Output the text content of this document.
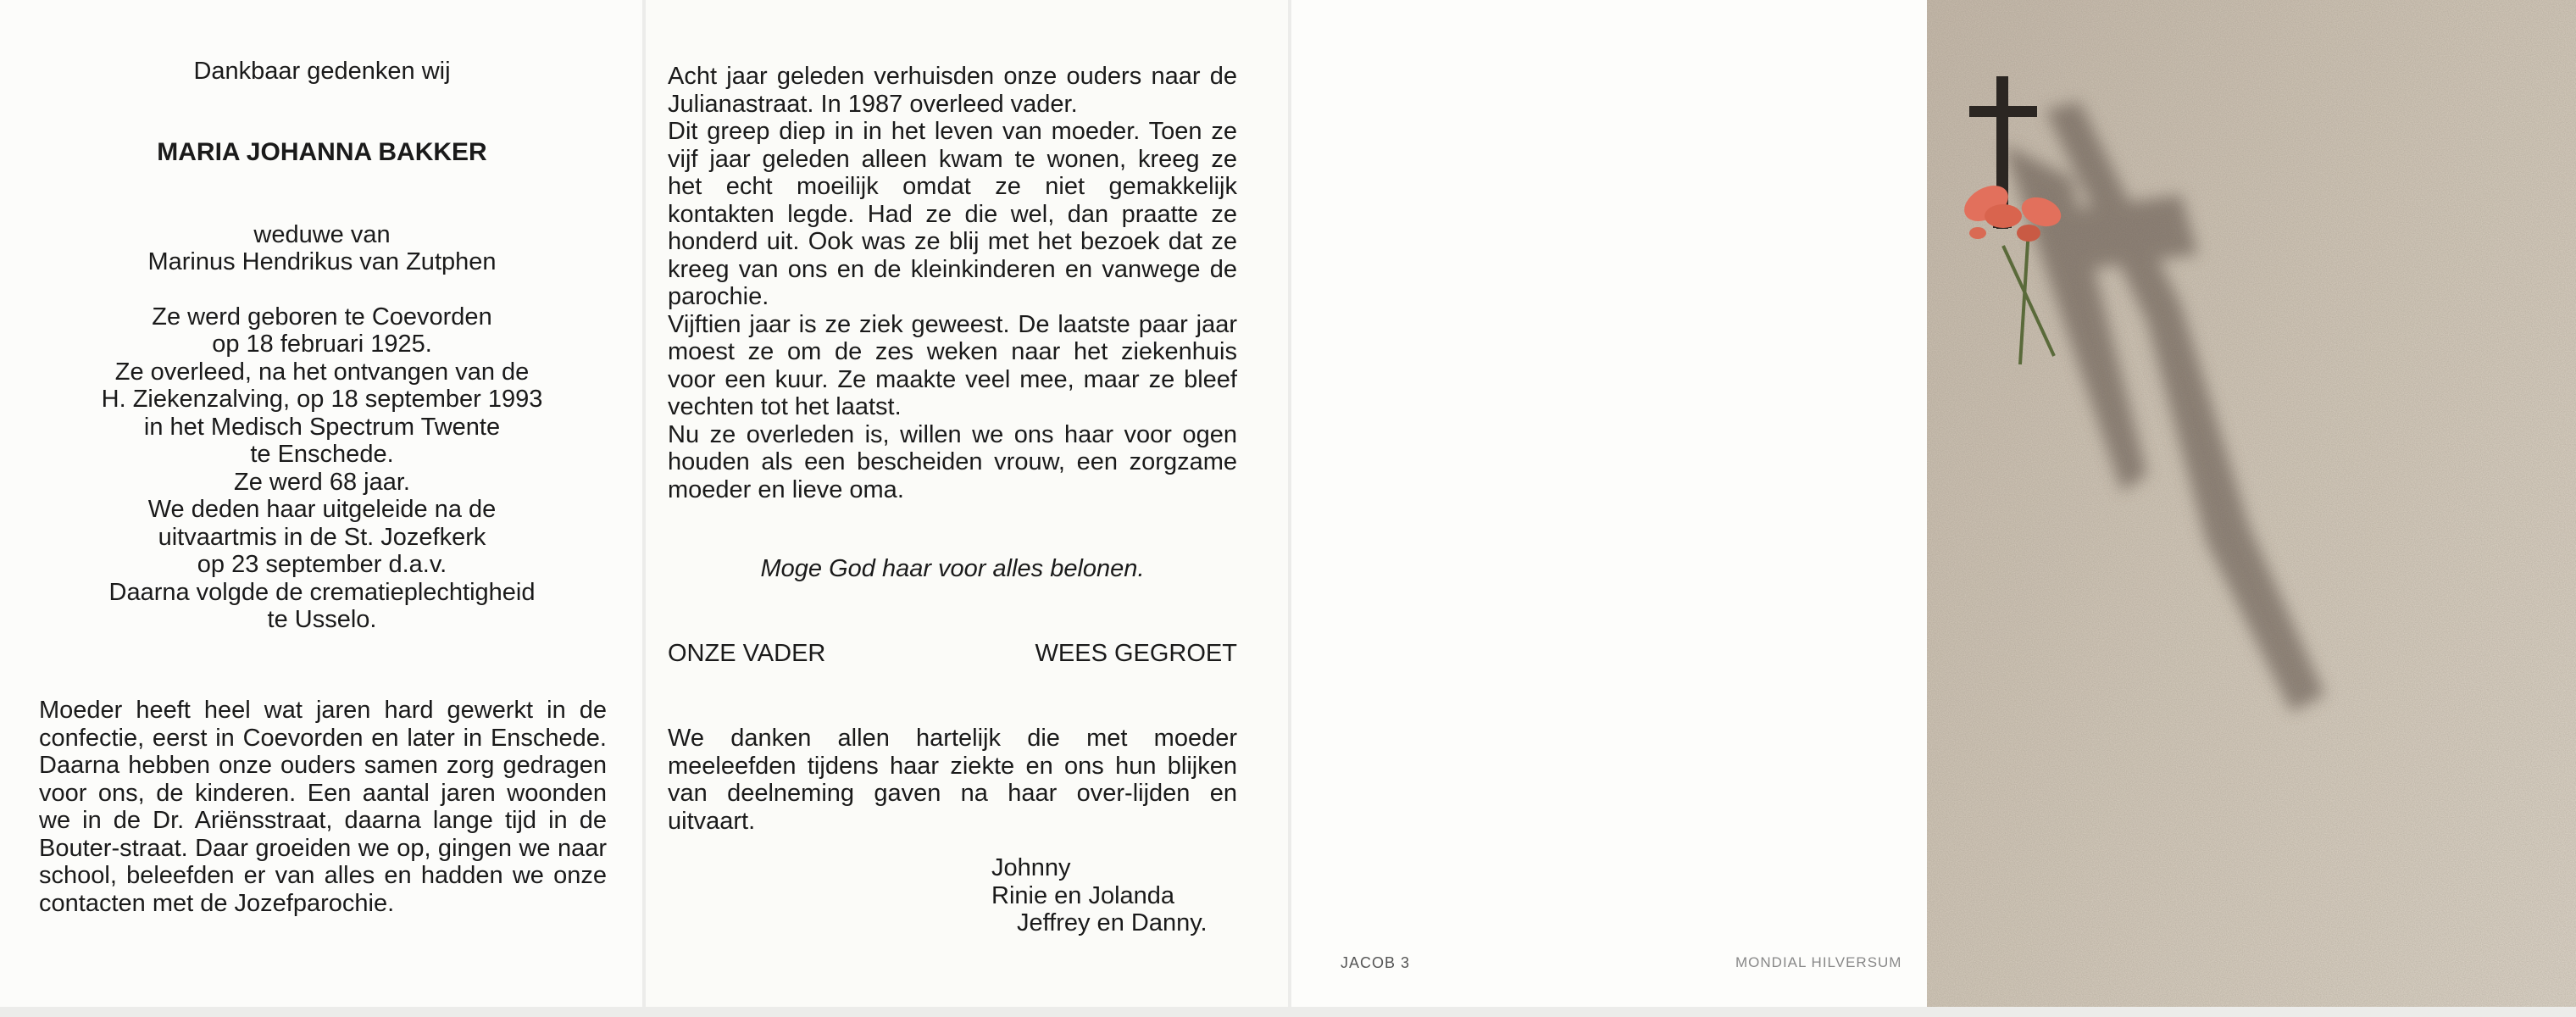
Dankbaar gedenken wij
MARIA JOHANNA BAKKER
weduwe van
Marinus Hendrikus van Zutphen
Ze werd geboren te Coevorden
op 18 februari 1925.
Ze overleed, na het ontvangen van de
H. Ziekenzalving, op 18 september 1993
in het Medisch Spectrum Twente
te Enschede.
Ze werd 68 jaar.
We deden haar uitgeleide na de
uitvaartmis in de St. Jozefkerk
op 23 september d.a.v.
Daarna volgde de crematieplechtigheid
te Usselo.

Moeder heeft heel wat jaren hard gewerkt in de confectie, eerst in Coevorden en later in Enschede. Daarna hebben onze ouders samen zorg gedragen voor ons, de kinderen. Een aantal jaren woonden we in de Dr. Ariënsstraat, daarna lange tijd in de Bouter-straat. Daar groeiden we op, gingen we naar school, beleefden er van alles en hadden we onze contacten met de Jozefparochie.

Acht jaar geleden verhuisden onze ouders naar de Julianastraat. In 1987 overleed vader.

Dit greep diep in in het leven van moeder. Toen ze vijf jaar geleden alleen kwam te wonen, kreeg ze het echt moeilijk omdat ze niet gemakkelijk kontakten legde. Had ze die wel, dan praatte ze honderd uit. Ook was ze blij met het bezoek dat ze kreeg van ons en de kleinkinderen en vanwege de parochie.

Vijftien jaar is ze ziek geweest. De laatste paar jaar moest ze om de zes weken naar het ziekenhuis voor een kuur. Ze maakte veel mee, maar ze bleef vechten tot het laatst.

Nu ze overleden is, willen we ons haar voor ogen houden als een bescheiden vrouw, een zorgzame moeder en lieve oma.

Moge God haar voor alles belonen.
ONZE VADER	WEES GEGROET

We danken allen hartelijk die met moeder meeleefden tijdens haar ziekte en ons hun blijken van deelneming gaven na haar over-lijden en uitvaart.

Johnny
Rinie en Jolanda
Jeffrey en Danny.
JACOB 3	MONDIAL HILVERSUM
